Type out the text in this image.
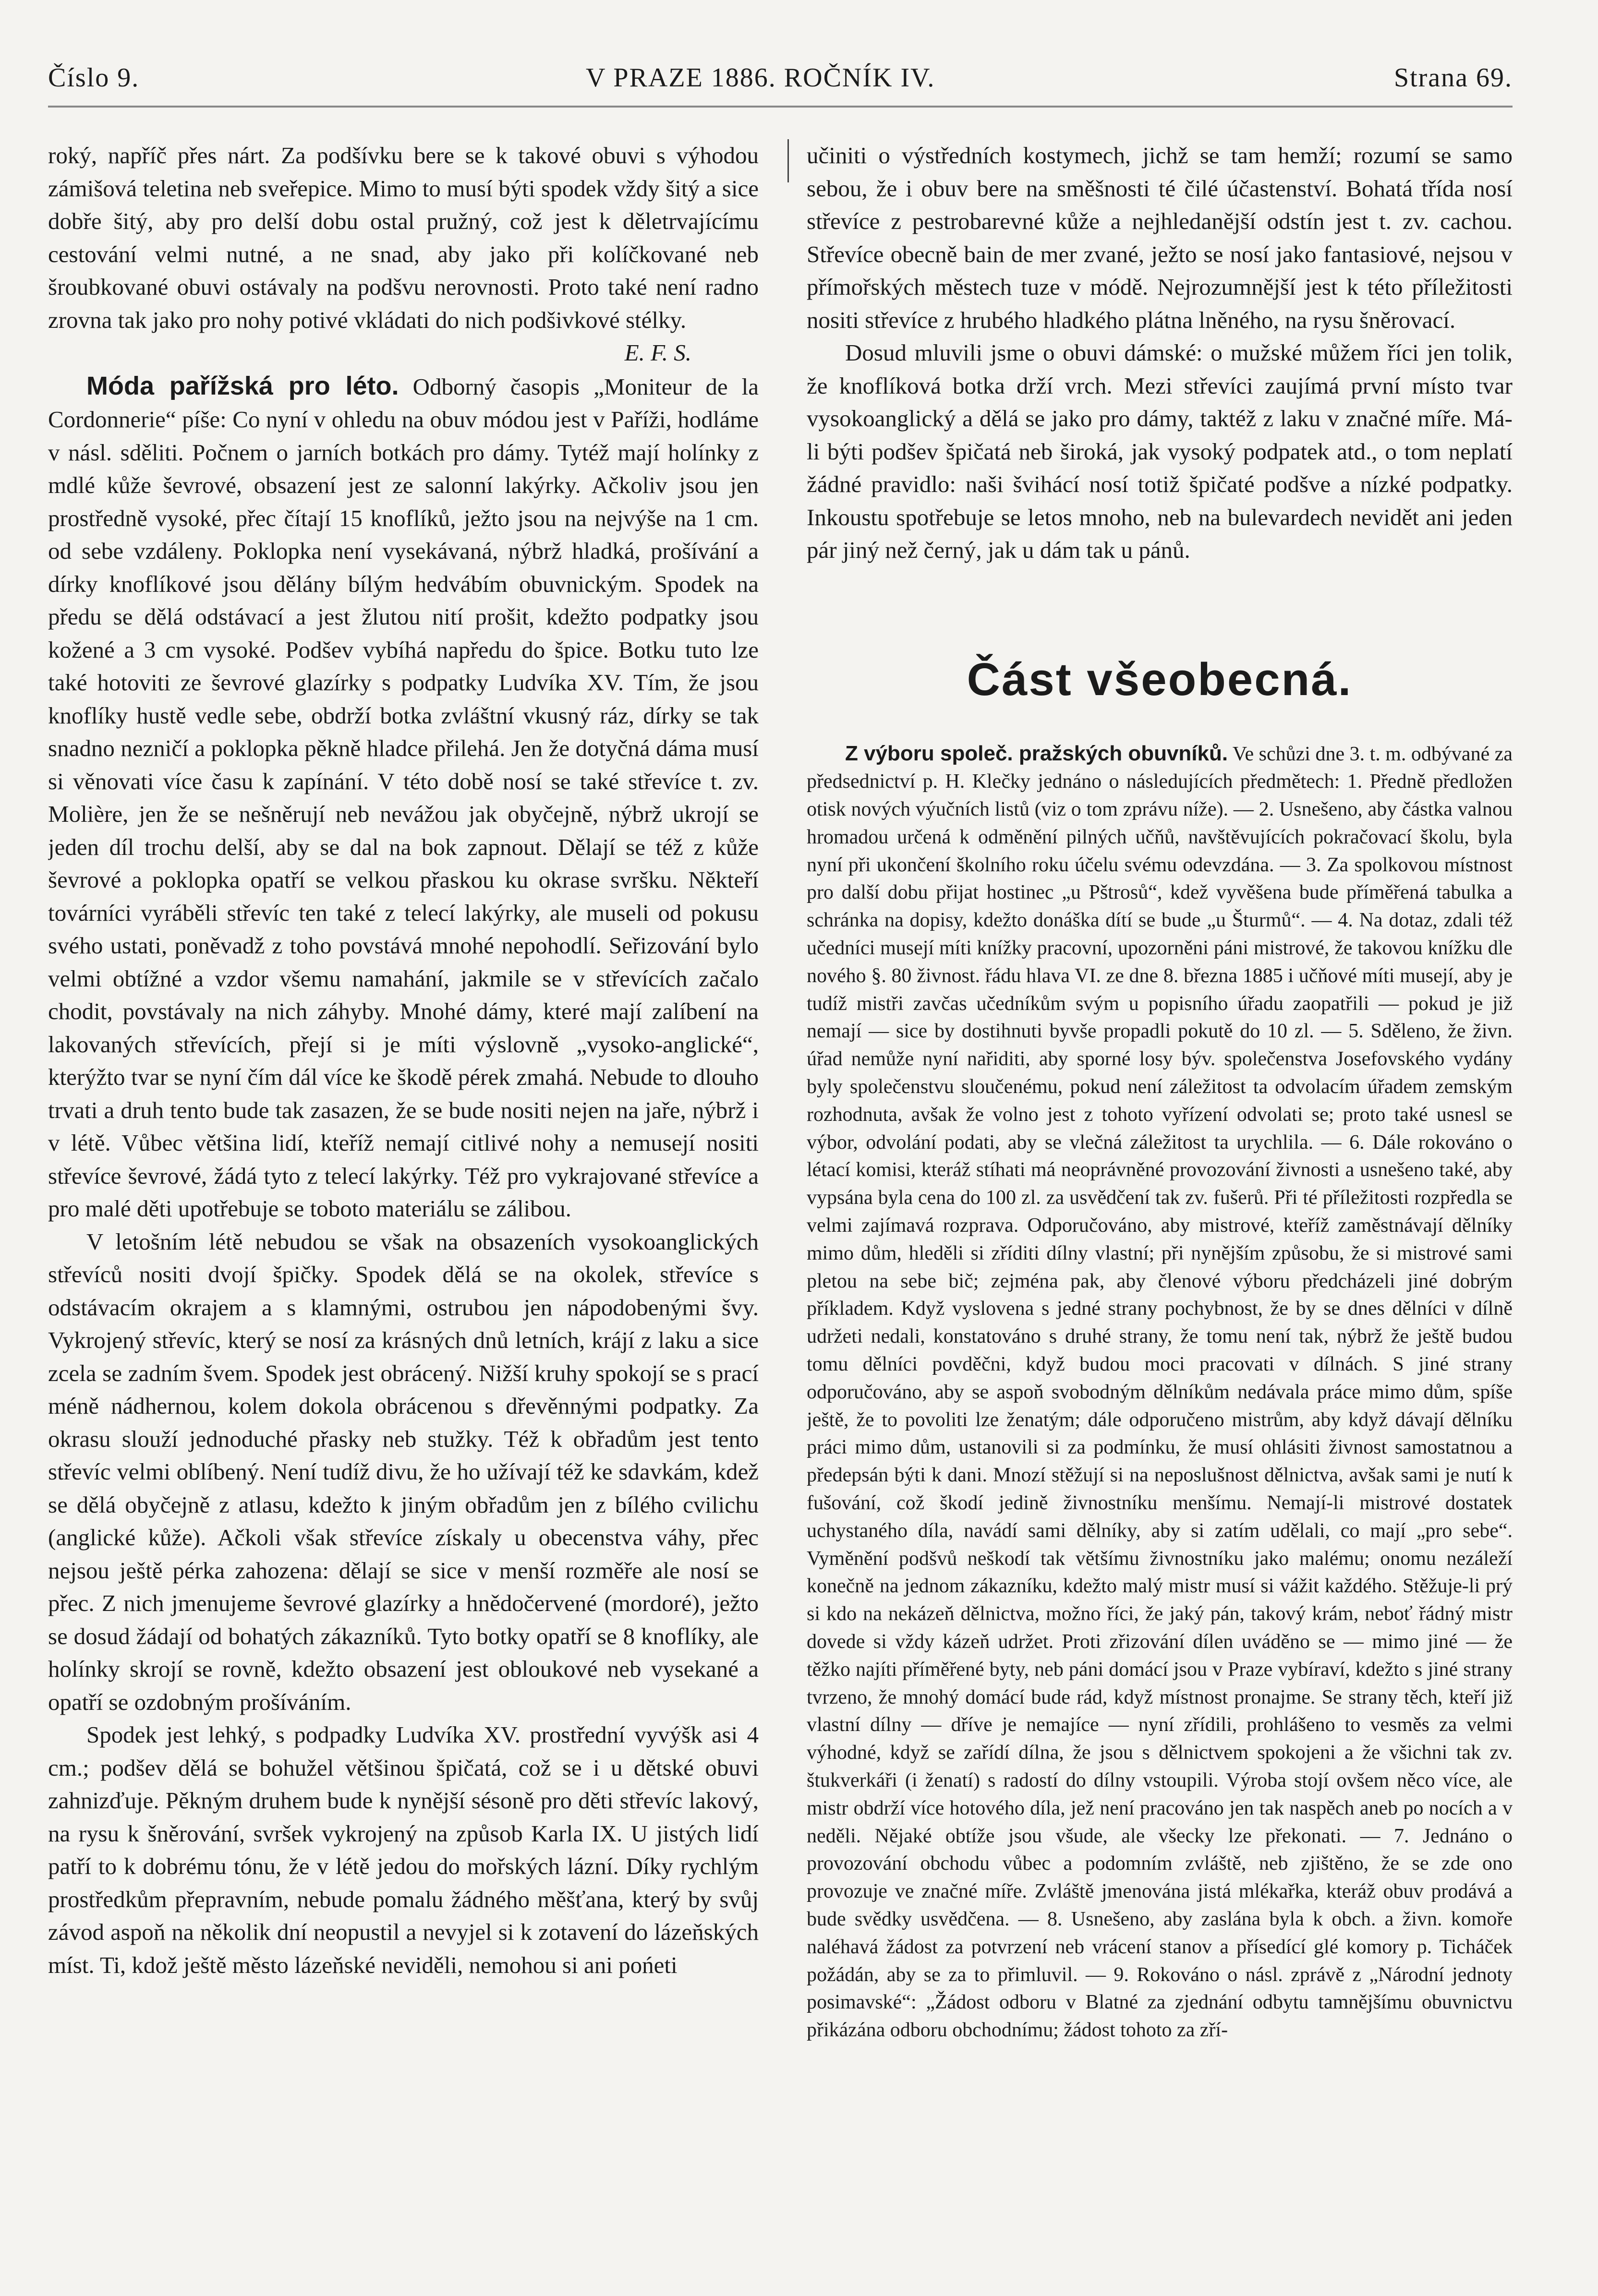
Číslo 9.	V PRAZE 1886. ROČNÍK IV.	Strana 69.

roký, napříč přes nárt. Za podšívku bere se k takové obuvi s výhodou zámišová teletina neb sveřepice. Mimo to musí býti spodek vždy šitý a sice dobře šitý, aby pro delší dobu ostal pružný, což jest k děletrvajícímu cestování velmi nutné, a ne snad, aby jako při kolíčkované neb šroubkované obuvi ostávaly na podšvu nerovnosti. Proto také není radno zrovna tak jako pro nohy potivé vkládati do nich podšivkové stélky.

E. F. S.

Móda pařížská pro léto. Odborný časopis „Moniteur de la Cordonnerie“ píše: Co nyní v ohledu na obuv módou jest v Paříži, hodláme v násl. sděliti. Počnem o jarních botkách pro dámy. Tytéž mají holínky z mdlé kůže ševrové, obsazení jest ze salonní lakýrky. Ačkoliv jsou jen prostředně vysoké, přec čítají 15 knoflíků, ježto jsou na nejvýše na 1 cm. od sebe vzdáleny. Poklopka není vysekávaná, nýbrž hladká, prošívání a dírky knoflíkové jsou dělány bílým hedvábím obuvnickým. Spodek na předu se dělá odstávací a jest žlutou nití prošit, kdežto podpatky jsou kožené a 3 cm vysoké. Podšev vybíhá napředu do špice. Botku tuto lze také hotoviti ze ševrové glazírky s podpatky Ludvíka XV. Tím, že jsou knoflíky hustě vedle sebe, obdrží botka zvláštní vkusný ráz, dírky se tak snadno nezničí a poklopka pěkně hladce přilehá. Jen že dotyčná dáma musí si věnovati více času k zapínání. V této době nosí se také střevíce t. zv. Molière, jen že se nešněrují neb nevážou jak obyčejně, nýbrž ukrojí se jeden díl trochu delší, aby se dal na bok zapnout. Dělají se též z kůže ševrové a poklopka opatří se velkou přaskou ku okrase svršku. Někteří továrníci vyráběli střevíc ten také z telecí lakýrky, ale museli od pokusu svého ustati, poněvadž z toho povstává mnohé nepohodlí. Seřizování bylo velmi obtížné a vzdor všemu namahání, jakmile se v střevících začalo chodit, povstávaly na nich záhyby. Mnohé dámy, které mají zalíbení na lakovaných střevících, přejí si je míti výslovně „vysoko-anglické“, kterýžto tvar se nyní čím dál více ke škodě pérek zmahá. Nebude to dlouho trvati a druh tento bude tak zasazen, že se bude nositi nejen na jaře, nýbrž i v létě. Vůbec většina lidí, kteříž nemají citlivé nohy a nemusejí nositi střevíce ševrové, žádá tyto z telecí lakýrky. Též pro vykrajované střevíce a pro malé děti upotřebuje se toboto materiálu se zálibou.

V letošním létě nebudou se však na obsazeních vysokoanglických střevíců nositi dvojí špičky. Spodek dělá se na okolek, střevíce s odstávacím okrajem a s klamnými, ostrubou jen nápodobenými švy. Vykrojený střevíc, který se nosí za krásných dnů letních, krájí z laku a sice zcela se zadním švem. Spodek jest obrácený. Nižší kruhy spokojí se s prací méně nádhernou, kolem dokola obrácenou s dřevěnnými podpatky. Za okrasu slouží jednoduché přasky neb stužky. Též k obřadům jest tento střevíc velmi oblíbený. Není tudíž divu, že ho užívají též ke sdavkám, kdež se dělá obyčejně z atlasu, kdežto k jiným obřadům jen z bílého cvilichu (anglické kůže). Ačkoli však střevíce získaly u obecenstva váhy, přec nejsou ještě pérka zahozena: dělají se sice v menší rozměře ale nosí se přec. Z nich jmenujeme ševrové glazírky a hnědočervené (mordoré), ježto se dosud žádají od bohatých zákazníků. Tyto botky opatří se 8 knoflíky, ale holínky skrojí se rovně, kdežto obsazení jest obloukové neb vysekané a opatří se ozdobným prošíváním.

Spodek jest lehký, s podpadky Ludvíka XV. prostřední vyvýšk asi 4 cm.; podšev dělá se bohužel většinou špičatá, což se i u dětské obuvi zahnizďuje. Pěkným druhem bude k nynější sésoně pro děti střevíc lakový, na rysu k šněrování, svršek vykrojený na způsob Karla IX. U jistých lidí patří to k dobrému tónu, že v létě jedou do mořských lázní. Díky rychlým prostředkům přepravním, nebude pomalu žádného měšťana, který by svůj závod aspoň na několik dní neopustil a nevyjel si k zotavení do lázeňských míst. Ti, kdož ještě město lázeňské neviděli, nemohou si ani pońeti

učiniti o výstředních kostymech, jichž se tam hemží; rozumí se samo sebou, že i obuv bere na směšnosti té čilé účastenství. Bohatá třída nosí střevíce z pestrobarevné kůže a nejhledanější odstín jest t. zv. cachou. Střevíce obecně bain de mer zvané, ježto se nosí jako fantasiové, nejsou v přímořských městech tuze v módě. Nejrozumnější jest k této příležitosti nositi střevíce z hrubého hladkého plátna lněného, na rysu šněrovací.

Dosud mluvili jsme o obuvi dámské: o mužské můžem říci jen tolik, že knoflíková botka drží vrch. Mezi střevíci zaujímá první místo tvar vysokoanglický a dělá se jako pro dámy, taktéž z laku v značné míře. Má-li býti podšev špičatá neb široká, jak vysoký podpatek atd., o tom neplatí žádné pravidlo: naši švihácí nosí totiž špičaté podšve a nízké podpatky. Inkoustu spotřebuje se letos mnoho, neb na bulevardech nevidět ani jeden pár jiný než černý, jak u dám tak u pánů.

Část všeobecná.

Z výboru společ. pražských obuvníků. Ve schůzi dne 3. t. m. odbývané za předsednictví p. H. Klečky jednáno o následujících předmětech: 1. Předně předložen otisk nových výučních listů (viz o tom zprávu níže). — 2. Usnešeno, aby částka valnou hromadou určená k odměnění pilných učňů, navštěvujících pokračovací školu, byla nyní při ukončení školního roku účelu svému odevzdána. — 3. Za spolkovou místnost pro další dobu přijat hostinec „u Pštrosů“, kdež vyvěšena bude příměřená tabulka a schránka na dopisy, kdežto donáška dítí se bude „u Šturmů“. — 4. Na dotaz, zdali též učedníci musejí míti knížky pracovní, upozorněni páni mistrové, že takovou knížku dle nového §. 80 živnost. řádu hlava VI. ze dne 8. března 1885 i učňové míti musejí, aby je tudíž mistři zavčas učedníkům svým u popisního úřadu zaopatřili — pokud je již nemají — sice by dostihnuti byvše propadli pokutě do 10 zl. — 5. Sděleno, že živn. úřad nemůže nyní nařiditi, aby sporné losy býv. společenstva Josefovského vydány byly společenstvu sloučenému, pokud není záležitost ta odvolacím úřadem zemským rozhodnuta, avšak že volno jest z tohoto vyřízení odvolati se; proto také usnesl se výbor, odvolání podati, aby se vlečná záležitost ta urychlila. — 6. Dále rokováno o létací komisi, kteráž stíhati má neoprávněné provozování živnosti a usnešeno také, aby vypsána byla cena do 100 zl. za usvědčení tak zv. fušerů. Při té příležitosti rozpředla se velmi zajímavá rozprava. Odporučováno, aby mistrové, kteříž zaměstnávají dělníky mimo dům, hleděli si zříditi dílny vlastní; při nynějším způsobu, že si mistrové sami pletou na sebe bič; zejména pak, aby členové výboru předcházeli jiné dobrým příkladem. Když vyslovena s jedné strany pochybnost, že by se dnes dělníci v dílně udržeti nedali, konstatováno s druhé strany, že tomu není tak, nýbrž že ještě budou tomu dělníci povděčni, když budou moci pracovati v dílnách. S jiné strany odporučováno, aby se aspoň svobodným dělníkům nedávala práce mimo dům, spíše ještě, že to povoliti lze ženatým; dále odporučeno mistrům, aby když dávají dělníku práci mimo dům, ustanovili si za podmínku, že musí ohlásiti živnost samostatnou a předepsán býti k dani. Mnozí stěžují si na neposlušnost dělnictva, avšak sami je nutí k fušování, což škodí jedině živnostníku menšímu. Nemají-li mistrové dostatek uchystaného díla, navádí sami dělníky, aby si zatím udělali, co mají „pro sebe“. Vyměnění podšvů neškodí tak většímu živnostníku jako malému; onomu nezáleží konečně na jednom zákazníku, kdežto malý mistr musí si vážit každého. Stěžuje-li prý si kdo na nekázeň dělnictva, možno říci, že jaký pán, takový krám, neboť řádný mistr dovede si vždy kázeň udržet. Proti zřizování dílen uváděno se — mimo jiné — že těžko najíti příměřené byty, neb páni domácí jsou v Praze vybíraví, kdežto s jiné strany tvrzeno, že mnohý domácí bude rád, když místnost pronajme. Se strany těch, kteří již vlastní dílny — dříve je nemajíce — nyní zřídili, prohlášeno to vesměs za velmi výhodné, když se zařídí dílna, že jsou s dělnictvem spokojeni a že všichni tak zv. štukverkáři (i ženatí) s radostí do dílny vstoupili. Výroba stojí ovšem něco více, ale mistr obdrží více hotového díla, jež není pracováno jen tak naspěch aneb po nocích a v neděli. Nějaké obtíže jsou všude, ale všecky lze překonati. — 7. Jednáno o provozování obchodu vůbec a podomním zvláště, neb zjištěno, že se zde ono provozuje ve značné míře. Zvláště jmenována jistá mlékařka, kteráž obuv prodává a bude svědky usvědčena. — 8. Usnešeno, aby zaslána byla k obch. a živn. komoře naléhavá žádost za potvrzení neb vrácení stanov a přísedící glé komory p. Ticháček požádán, aby se za to přimluvil. — 9. Rokováno o násl. zprávě z „Národní jednoty posimavské“: „Žádost odboru v Blatné za zjednání odbytu tamnějšímu obuvnictvu přikázána odboru obchodnímu; žádost tohoto za zří-
